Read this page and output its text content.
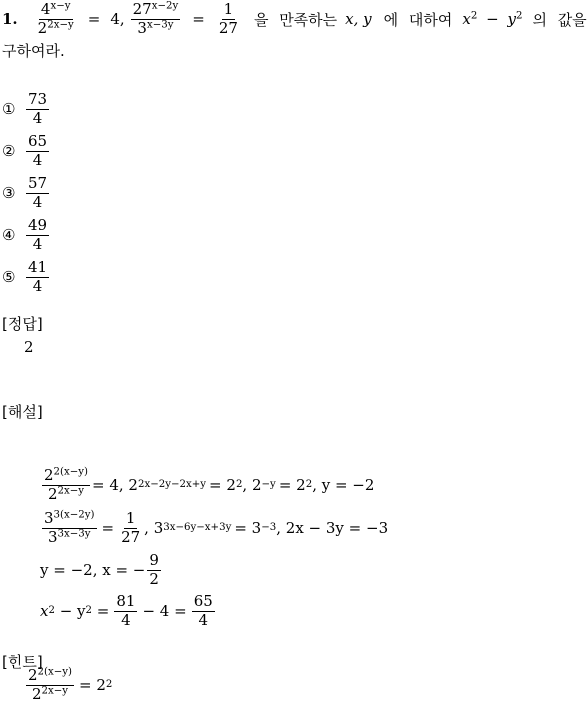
1. $\frac{4^{x-y}}{2^{2x-y}} = 4$, $\frac{27^{x-2y}}{3^{x-3y}} = \frac{1}{27}$ 을 만족하는 x, y 에 대하여 $x^2 - y^2$ 의 값을
구하여라.
① $\frac{73}{4}$
② $\frac{65}{4}$
③ $\frac{57}{4}$
④ $\frac{49}{4}$
⑤ $\frac{41}{4}$
[정답]
2
[해설]
$\frac{2^{2(x-y)}}{2^{2x-y}} = 4$, 2 2x−2y−2x+y = 2 2 , 2 −y = 2 2 , y = −2
$\frac{3^{3(x-2y)}}{3^{3x-3y}} = \frac{1}{27}$ , 3 3x−6y−x+3y = 3 −3 , 2x − 3y = −3
y = −2, x = − $\frac{9}{2}$
x 2 − y $2 = \frac{81}{4} - 4 = \frac{65}{4}$
[힌트]
$\frac{2^{2(x-y)}}{2^{2x-y}} = 2$ 2
